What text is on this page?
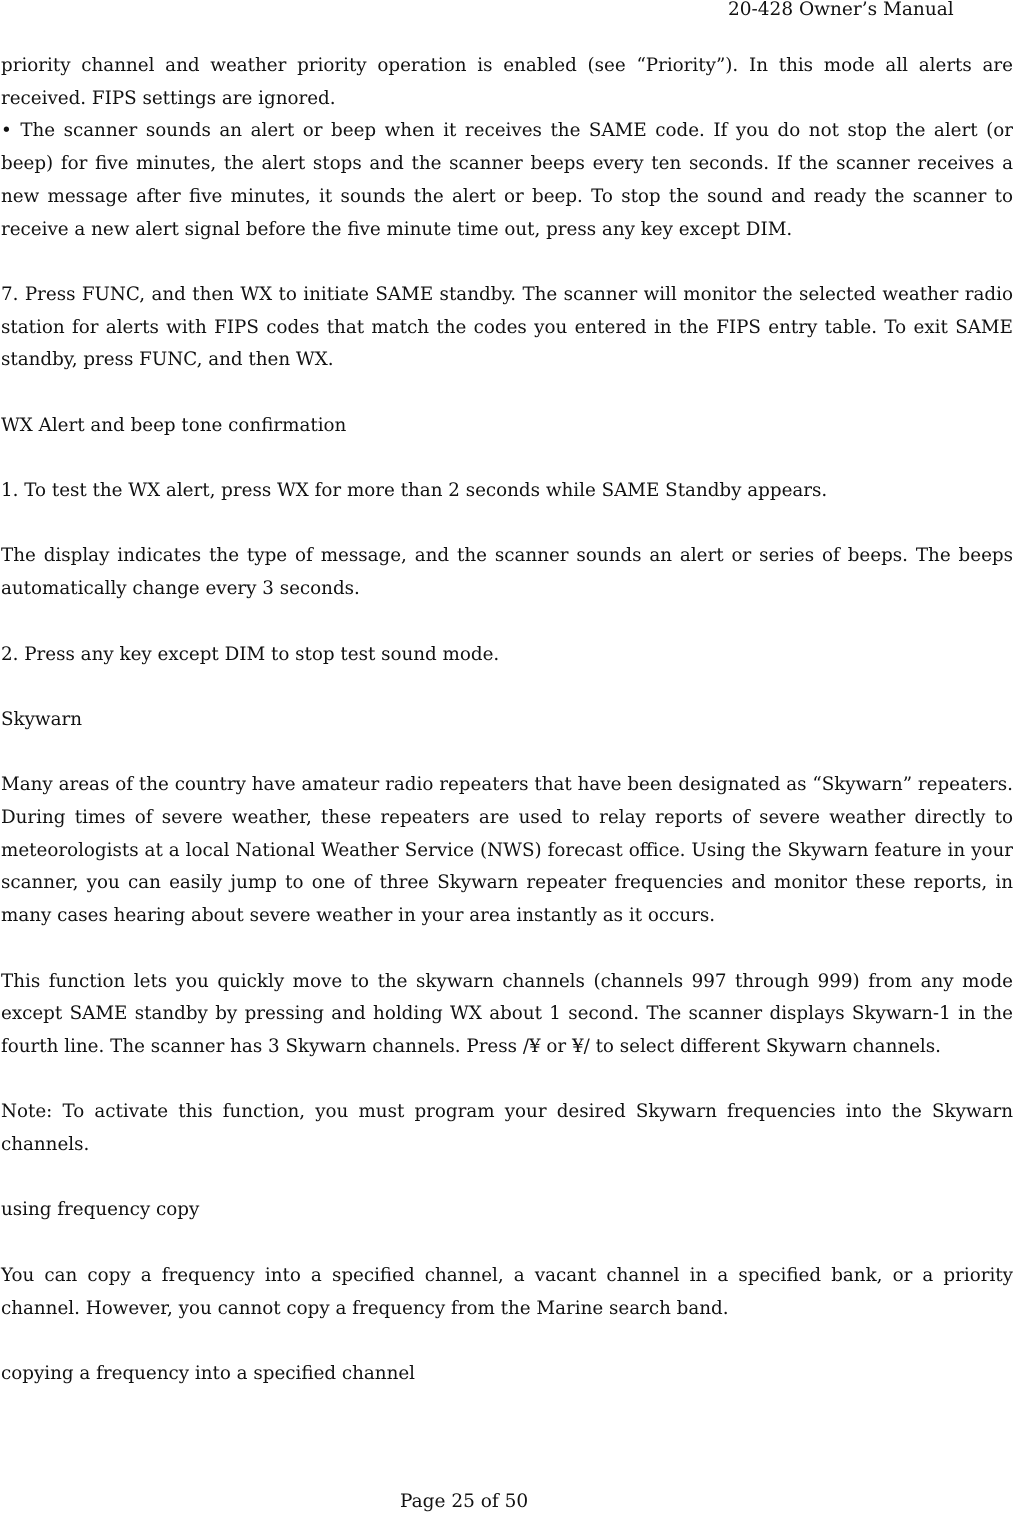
20-428 Owner’s Manual

priority channel and weather priority operation is enabled (see “Priority”). In this mode all alerts are received. FIPS settings are ignored.

• The scanner sounds an alert or beep when it receives the SAME code. If you do not stop the alert (or beep) for five minutes, the alert stops and the scanner beeps every ten seconds. If the scanner receives a new message after five minutes, it sounds the alert or beep. To stop the sound and ready the scanner to receive a new alert signal before the five minute time out, press any key except DIM.

7. Press FUNC, and then WX to initiate SAME standby. The scanner will monitor the selected weather radio station for alerts with FIPS codes that match the codes you entered in the FIPS entry table. To exit SAME standby, press FUNC, and then WX.

WX Alert and beep tone confirmation

1. To test the WX alert, press WX for more than 2 seconds while SAME Standby appears.

The display indicates the type of message, and the scanner sounds an alert or series of beeps. The beeps automatically change every 3 seconds.

2. Press any key except DIM to stop test sound mode.

Skywarn

Many areas of the country have amateur radio repeaters that have been designated as “Skywarn” repeaters. During times of severe weather, these repeaters are used to relay reports of severe weather directly to meteorologists at a local National Weather Service (NWS) forecast office. Using the Skywarn feature in your scanner, you can easily jump to one of three Skywarn repeater frequencies and monitor these reports, in many cases hearing about severe weather in your area instantly as it occurs.

This function lets you quickly move to the skywarn channels (channels 997 through 999) from any mode except SAME standby by pressing and holding WX about 1 second. The scanner displays Skywarn-1 in the fourth line. The scanner has 3 Skywarn channels. Press /¥ or ¥/ to select different Skywarn channels.

Note: To activate this function, you must program your desired Skywarn frequencies into the Skywarn channels.

using frequency copy

You can copy a frequency into a specified channel, a vacant channel in a specified bank, or a priority channel. However, you cannot copy a frequency from the Marine search band.

copying a frequency into a specified channel

Page 25 of 50
